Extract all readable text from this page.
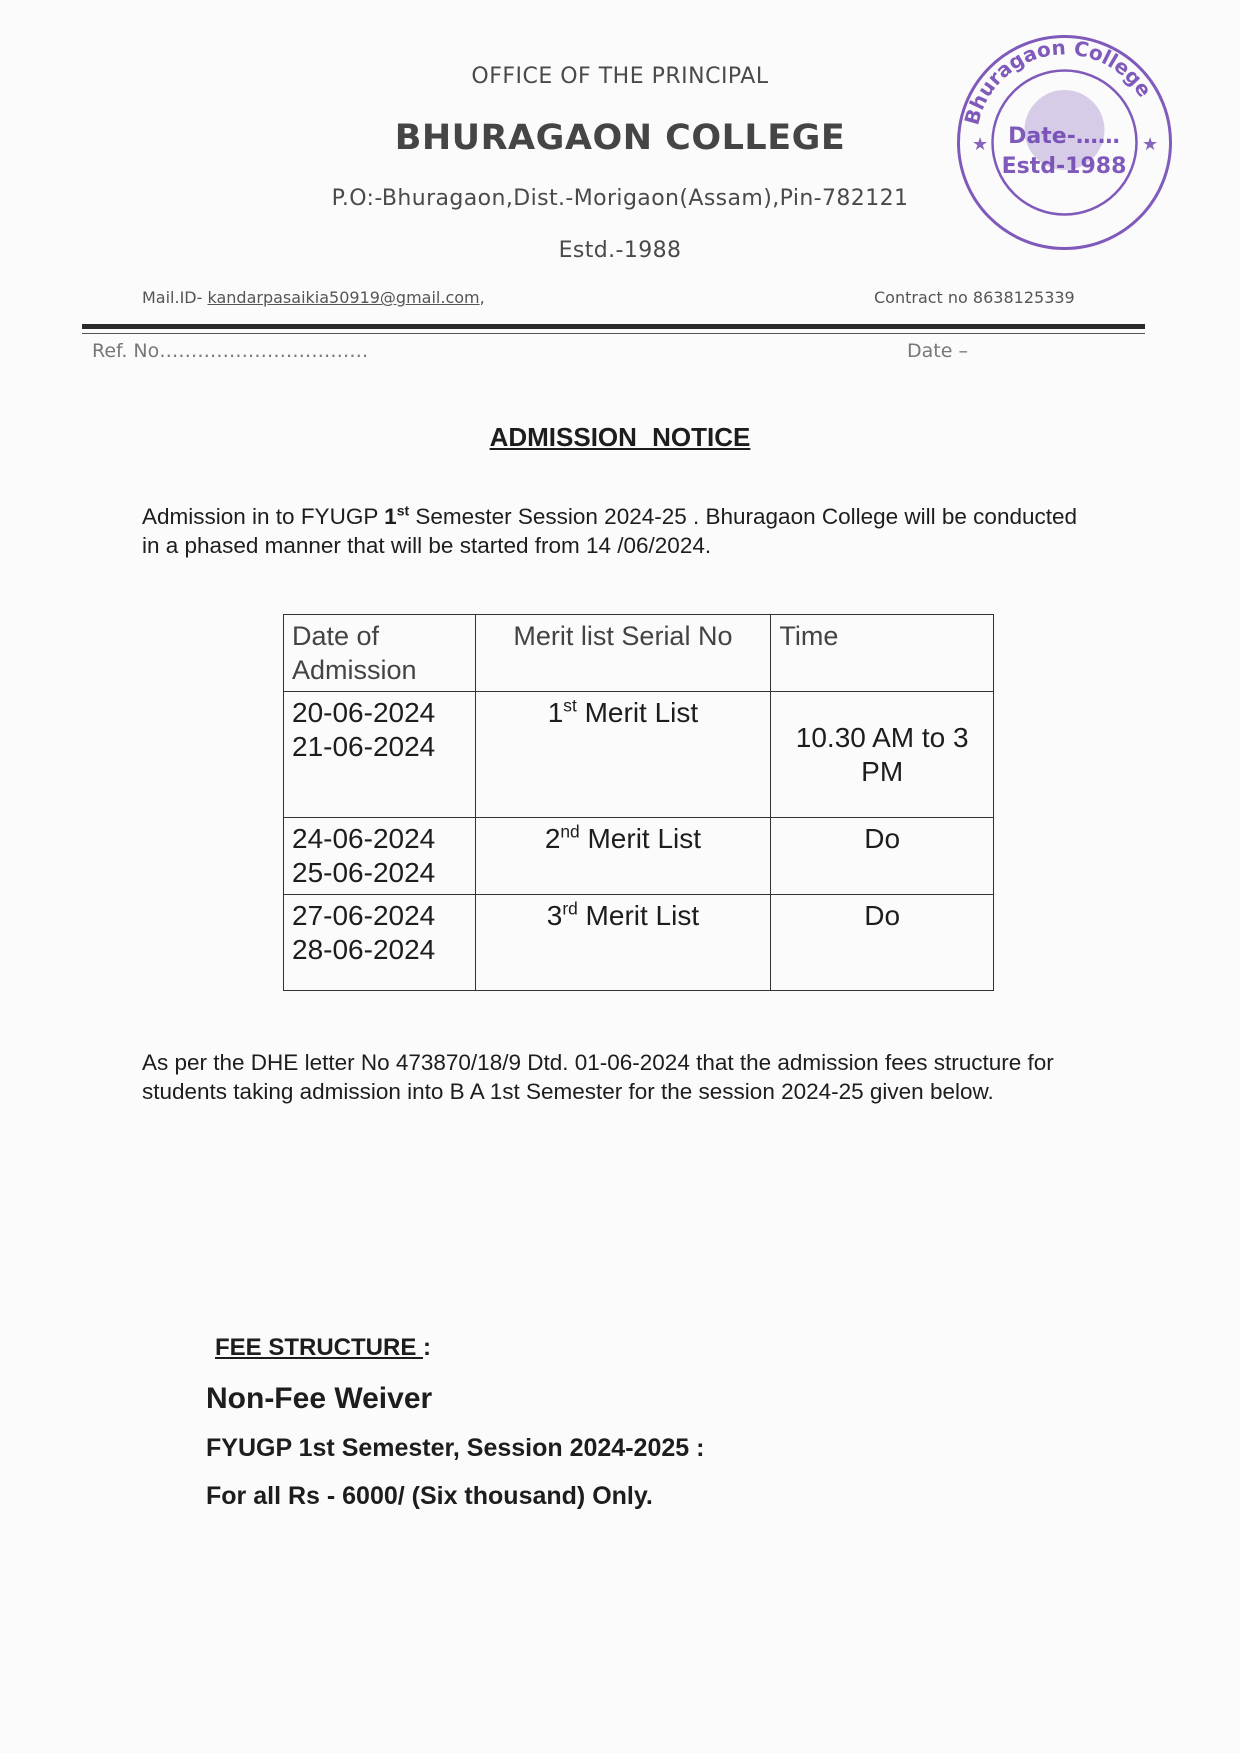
OFFICE OF THE PRINCIPAL
BHURAGAON COLLEGE
P.O:-Bhuragaon,Dist.-Morigaon(Assam),Pin-782121
Estd.-1988
Mail.ID- kandarpasaikia50919@gmail.com,	Contract no 8638125339
Ref. No……………………………	Date –
Bhuragaon College
Date-……
Estd-1988
★	★
ADMISSION NOTICE
Admission in to FYUGP 1st Semester Session 2024-25 . Bhuragaon College will be conducted in a phased manner that will be started from 14 /06/2024.
Date of Admission	Merit list Serial No	Time

20-06-2024
21-06-2024	1st Merit List	10.30 AM to 3 PM

24-06-2024
25-06-2024	2nd Merit List	Do

27-06-2024
28-06-2024	3rd Merit List	Do
As per the DHE letter No 473870/18/9 Dtd. 01-06-2024 that the admission fees structure for students taking admission into B A 1st Semester for the session 2024-25 given below.
FEE STRUCTURE :
Non-Fee Weiver
FYUGP 1st Semester, Session 2024-2025 :
For all Rs - 6000/ (Six thousand) Only.
